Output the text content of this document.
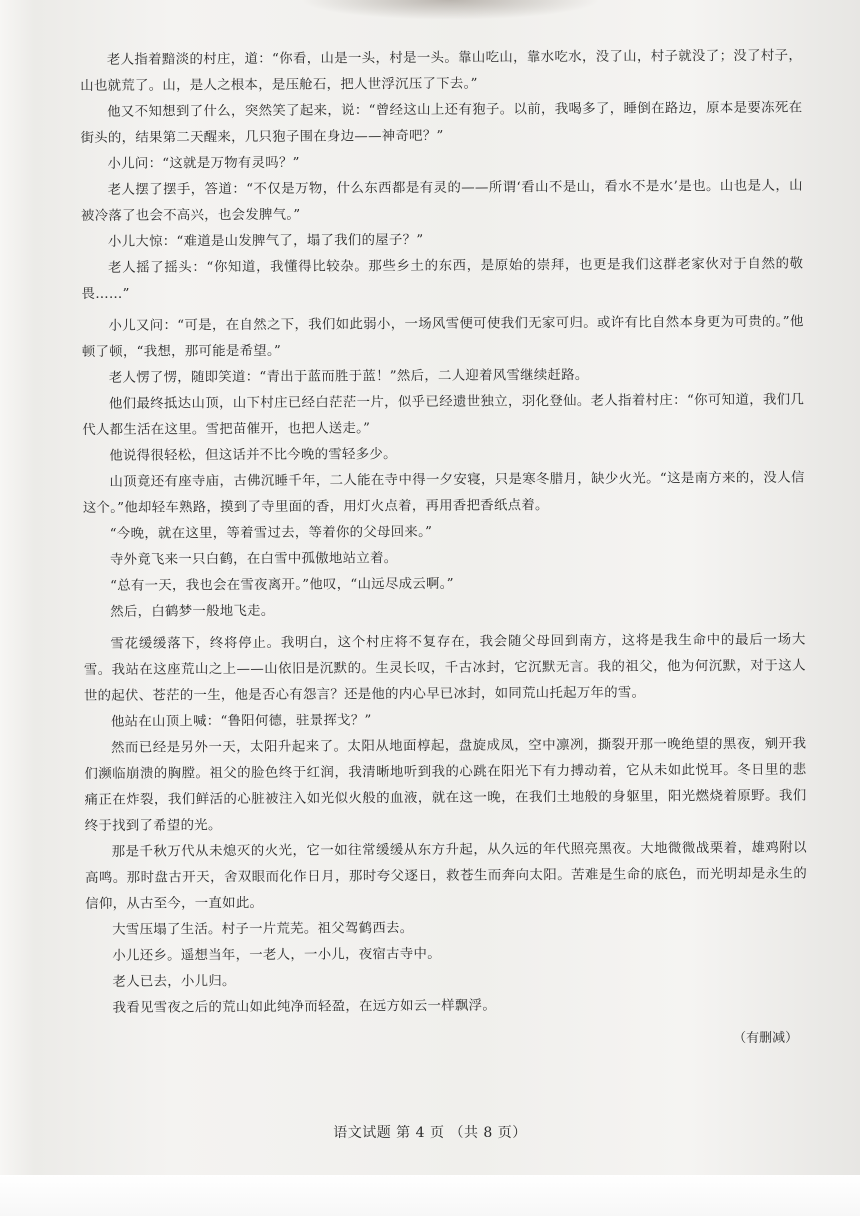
老人指着黯淡的村庄，道：“你看，山是一头，村是一头。靠山吃山，靠水吃水，没了山，村子就没了；没了村子，山也就荒了。山，是人之根本，是压舱石，把人世浮沉压了下去。”

他又不知想到了什么，突然笑了起来，说：“曾经这山上还有狍子。以前，我喝多了，睡倒在路边，原本是要冻死在街头的，结果第二天醒来，几只狍子围在身边——神奇吧？”

小儿问：“这就是万物有灵吗？”

老人摆了摆手，答道：“不仅是万物，什么东西都是有灵的——所谓‘看山不是山，看水不是水’是也。山也是人，山被冷落了也会不高兴，也会发脾气。”

小儿大惊：“难道是山发脾气了，塌了我们的屋子？”

老人摇了摇头：“你知道，我懂得比较杂。那些乡土的东西，是原始的崇拜，也更是我们这群老家伙对于自然的敬畏……”

小儿又问：“可是，在自然之下，我们如此弱小，一场风雪便可使我们无家可归。或许有比自然本身更为可贵的。”他顿了顿，“我想，那可能是希望。”

老人愣了愣，随即笑道：“青出于蓝而胜于蓝！”然后，二人迎着风雪继续赶路。

他们最终抵达山顶，山下村庄已经白茫茫一片，似乎已经遗世独立，羽化登仙。老人指着村庄：“你可知道，我们几代人都生活在这里。雪把苗催开，也把人送走。”

他说得很轻松，但这话并不比今晚的雪轻多少。

山顶竟还有座寺庙，古佛沉睡千年，二人能在寺中得一夕安寝，只是寒冬腊月，缺少火光。“这是南方来的，没人信这个。”他却轻车熟路，摸到了寺里面的香，用灯火点着，再用香把香纸点着。

“今晚，就在这里，等着雪过去，等着你的父母回来。”

寺外竟飞来一只白鹤，在白雪中孤傲地站立着。

“总有一天，我也会在雪夜离开。”他叹，“山远尽成云啊。”

然后，白鹤梦一般地飞走。

雪花缓缓落下，终将停止。我明白，这个村庄将不复存在，我会随父母回到南方，这将是我生命中的最后一场大雪。我站在这座荒山之上——山依旧是沉默的。生灵长叹，千古冰封，它沉默无言。我的祖父，他为何沉默，对于这人世的起伏、苍茫的一生，他是否心有怨言？还是他的内心早已冰封，如同荒山托起万年的雪。

他站在山顶上喊：“鲁阳何德，驻景挥戈？”

然而已经是另外一天，太阳升起来了。太阳从地面椁起，盘旋成凤，空中凛冽，撕裂开那一晚绝望的黑夜，剜开我们濒临崩溃的胸膛。祖父的脸色终于红润，我清晰地听到我的心跳在阳光下有力搏动着，它从未如此悦耳。冬日里的悲痛正在炸裂，我们鲜活的心脏被注入如光似火般的血液，就在这一晚，在我们土地般的身躯里，阳光燃烧着原野。我们终于找到了希望的光。

那是千秋万代从未熄灭的火光，它一如往常缓缓从东方升起，从久远的年代照亮黑夜。大地微微战栗着，雄鸡附以高鸣。那时盘古开天，舍双眼而化作日月，那时夸父逐日，救苍生而奔向太阳。苦难是生命的底色，而光明却是永生的信仰，从古至今，一直如此。

大雪压塌了生活。村子一片荒芜。祖父驾鹤西去。

小儿还乡。遥想当年，一老人，一小儿，夜宿古寺中。

老人已去，小儿归。

我看见雪夜之后的荒山如此纯净而轻盈，在远方如云一样飘浮。

（有删减）
语文试题 第 4 页 （共 8 页）
